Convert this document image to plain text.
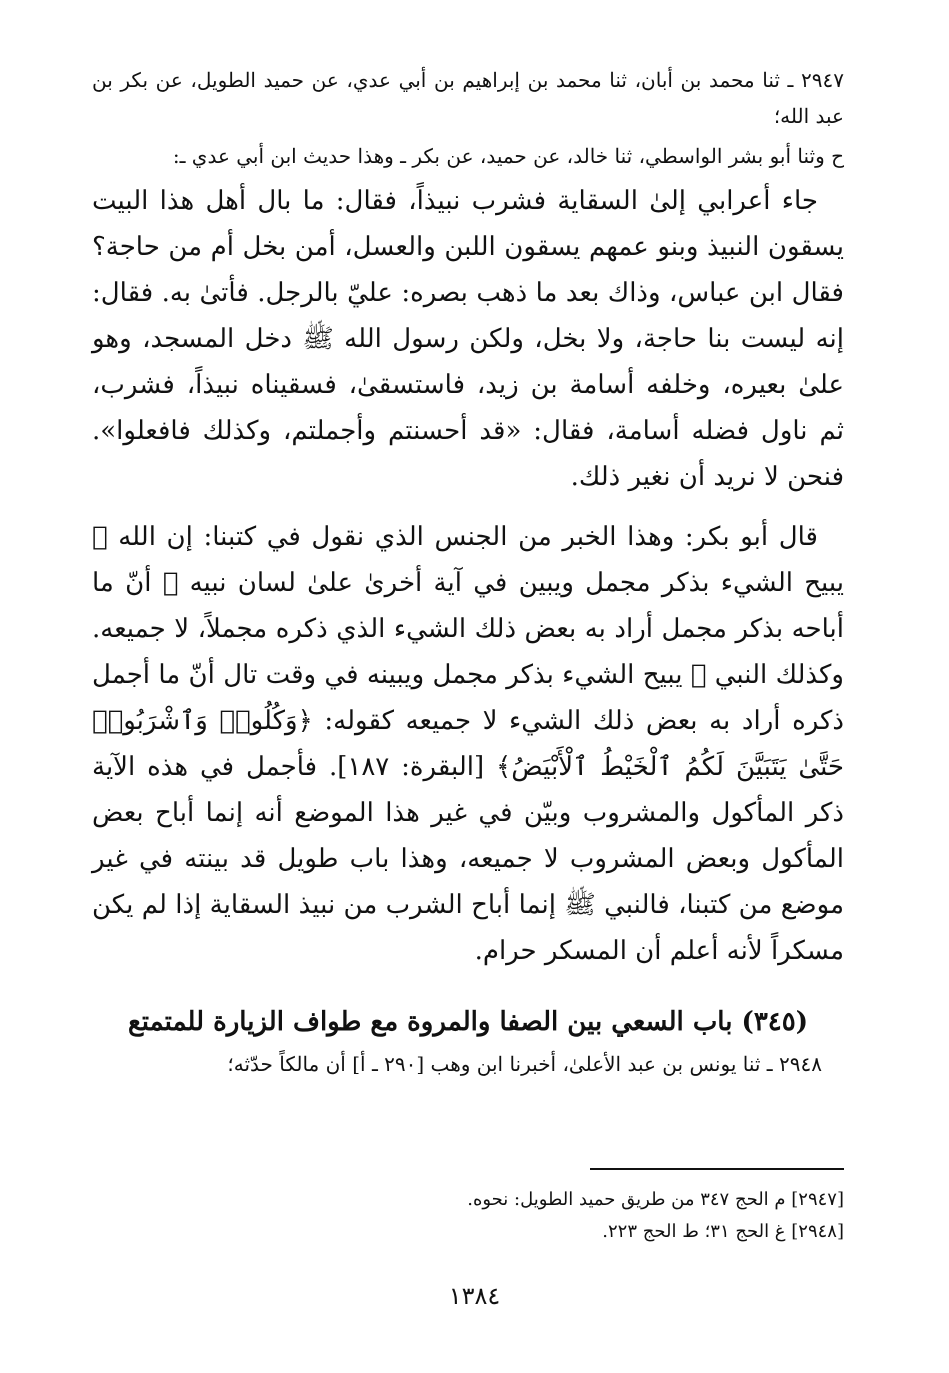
٢٩٤٧ ـ ثنا محمد بن أبان، ثنا محمد بن إبراهيم بن أبي عدي، عن حميد الطويل، عن بكر بن عبد الله؛

ح وثنا أبو بشر الواسطي، ثنا خالد، عن حميد، عن بكر ـ وهذا حديث ابن أبي عدي ـ:

جاء أعرابي إلىٰ السقاية فشرب نبيذاً، فقال: ما بال أهل هذا البيت يسقون النبيذ وبنو عمهم يسقون اللبن والعسل، أمن بخل أم من حاجة؟ فقال ابن عباس، وذاك بعد ما ذهب بصره: عليّ بالرجل. فأتىٰ به. فقال: إنه ليست بنا حاجة، ولا بخل، ولكن رسول الله ﷺ دخل المسجد، وهو علىٰ بعيره، وخلفه أسامة بن زيد، فاستسقىٰ، فسقيناه نبيذاً، فشرب، ثم ناول فضله أسامة، فقال: «قد أحسنتم وأجملتم، وكذلك فافعلوا». فنحن لا نريد أن نغير ذلك.

قال أبو بكر: وهذا الخبر من الجنس الذي نقول في كتبنا: إن الله ﷻ يبيح الشيء بذكر مجمل ويبين في آية أخرىٰ علىٰ لسان نبيه ﷺ أنّ ما أباحه بذكر مجمل أراد به بعض ذلك الشيء الذي ذكره مجملاً، لا جميعه. وكذلك النبي ﷺ يبيح الشيء بذكر مجمل ويبينه في وقت تال أنّ ما أجمل ذكره أراد به بعض ذلك الشيء لا جميعه كقوله: ﴿وَكُلُوا۟ وَٱشْرَبُوا۟ حَتَّىٰ يَتَبَيَّنَ لَكُمُ ٱلْخَيْطُ ٱلْأَبْيَضُ﴾ [البقرة: ١٨٧]. فأجمل في هذه الآية ذكر المأكول والمشروب وبيّن في غير هذا الموضع أنه إنما أباح بعض المأكول وبعض المشروب لا جميعه، وهذا باب طويل قد بينته في غير موضع من كتبنا، فالنبي ﷺ إنما أباح الشرب من نبيذ السقاية إذا لم يكن مسكراً لأنه أعلم أن المسكر حرام.

(٣٤٥) باب السعي بين الصفا والمروة مع طواف الزيارة للمتمتع

٢٩٤٨ ـ ثنا يونس بن عبد الأعلىٰ، أخبرنا ابن وهب [٢٩٠ ـ أ] أن مالكاً حدّثه؛

[٢٩٤٧] م الحج ٣٤٧ من طريق حميد الطويل: نحوه.

[٢٩٤٨] غ الحج ٣١؛ ط الحج ٢٢٣.

١٣٨٤
